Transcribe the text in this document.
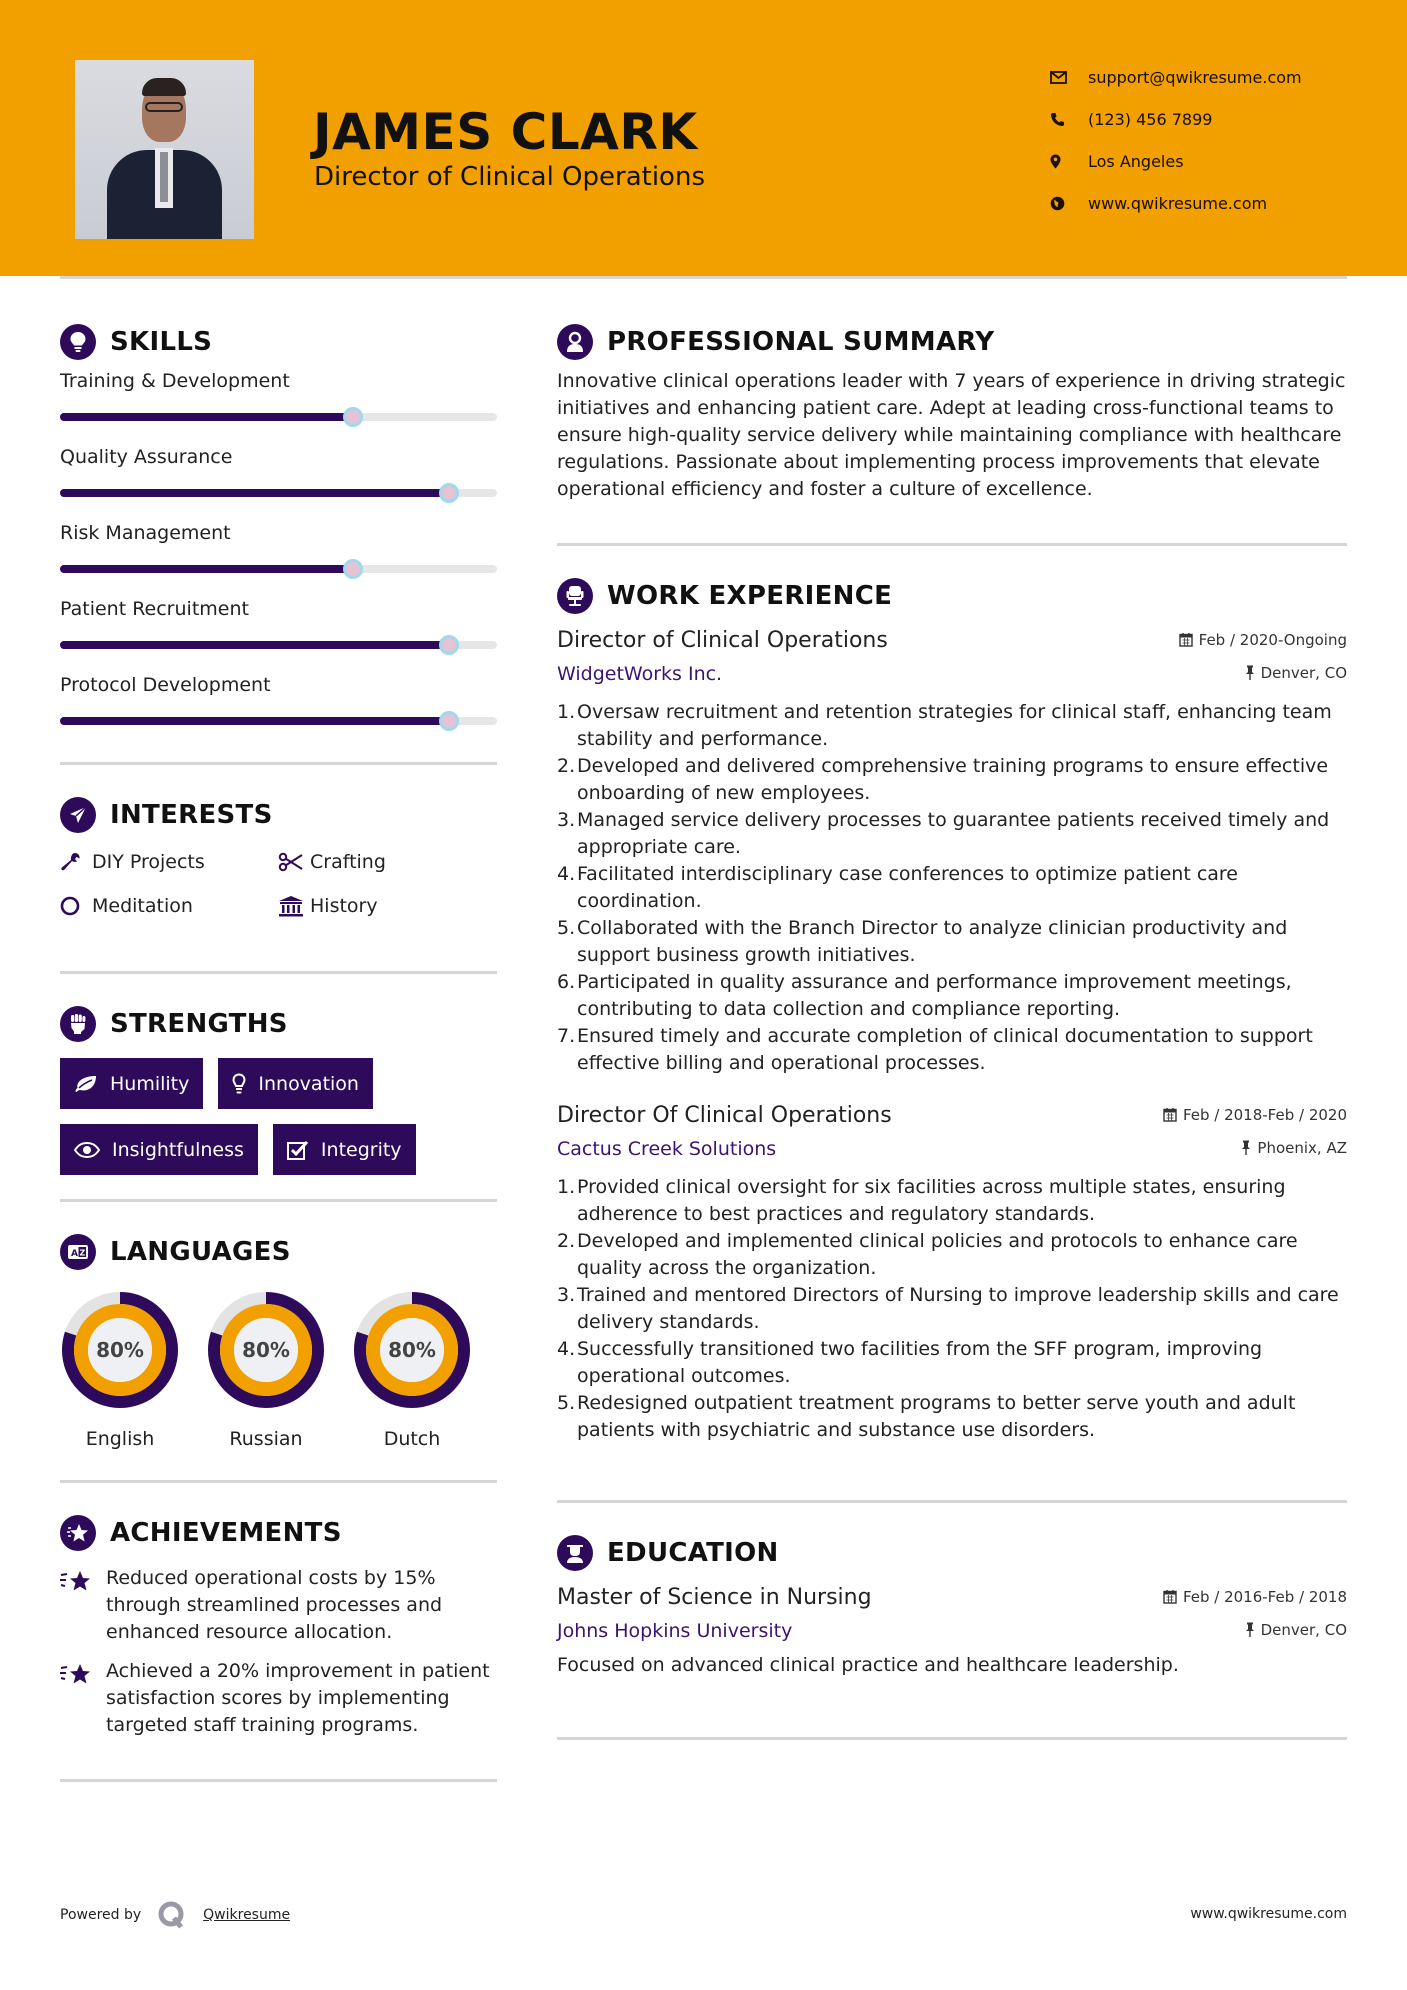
JAMES CLARK
Director of Clinical Operations
support@qwikresume.com
(123) 456 7899
Los Angeles
www.qwikresume.com
SKILLS
Training & Development
Quality Assurance
Risk Management
Patient Recruitment
Protocol Development
INTERESTS
DIY Projects	Crafting
Meditation	History
STRENGTHS
Humility	Innovation
Insightfulness	Integrity
A Z LANGUAGES
80%
English
80%
Russian
80%
Dutch
ACHIEVEMENTS
Reduced operational costs by 15% through streamlined processes and enhanced resource allocation.
Achieved a 20% improvement in patient satisfaction scores by implementing targeted staff training programs.
PROFESSIONAL SUMMARY

Innovative clinical operations leader with 7 years of experience in driving strategic initiatives and enhancing patient care. Adept at leading cross-functional teams to ensure high-quality service delivery while maintaining compliance with healthcare regulations. Passionate about implementing process improvements that elevate operational efficiency and foster a culture of excellence.

WORK EXPERIENCE
Director of Clinical Operations	Feb / 2020-Ongoing
WidgetWorks Inc.	Denver, CO
1. Oversaw recruitment and retention strategies for clinical staff, enhancing team stability and performance.
2. Developed and delivered comprehensive training programs to ensure effective onboarding of new employees.
3. Managed service delivery processes to guarantee patients received timely and appropriate care.
4. Facilitated interdisciplinary case conferences to optimize patient care coordination.
5. Collaborated with the Branch Director to analyze clinician productivity and support business growth initiatives.
6. Participated in quality assurance and performance improvement meetings, contributing to data collection and compliance reporting.
7. Ensured timely and accurate completion of clinical documentation to support effective billing and operational processes.
Director Of Clinical Operations	Feb / 2018-Feb / 2020
Cactus Creek Solutions	Phoenix, AZ
1. Provided clinical oversight for six facilities across multiple states, ensuring adherence to best practices and regulatory standards.
2. Developed and implemented clinical policies and protocols to enhance care quality across the organization.
3. Trained and mentored Directors of Nursing to improve leadership skills and care delivery standards.
4. Successfully transitioned two facilities from the SFF program, improving operational outcomes.
5. Redesigned outpatient treatment programs to better serve youth and adult patients with psychiatric and substance use disorders.
EDUCATION
Master of Science in Nursing	Feb / 2016-Feb / 2018
Johns Hopkins University	Denver, CO

Focused on advanced clinical practice and healthcare leadership.

Powered by	Qwikresume	www.qwikresume.com
